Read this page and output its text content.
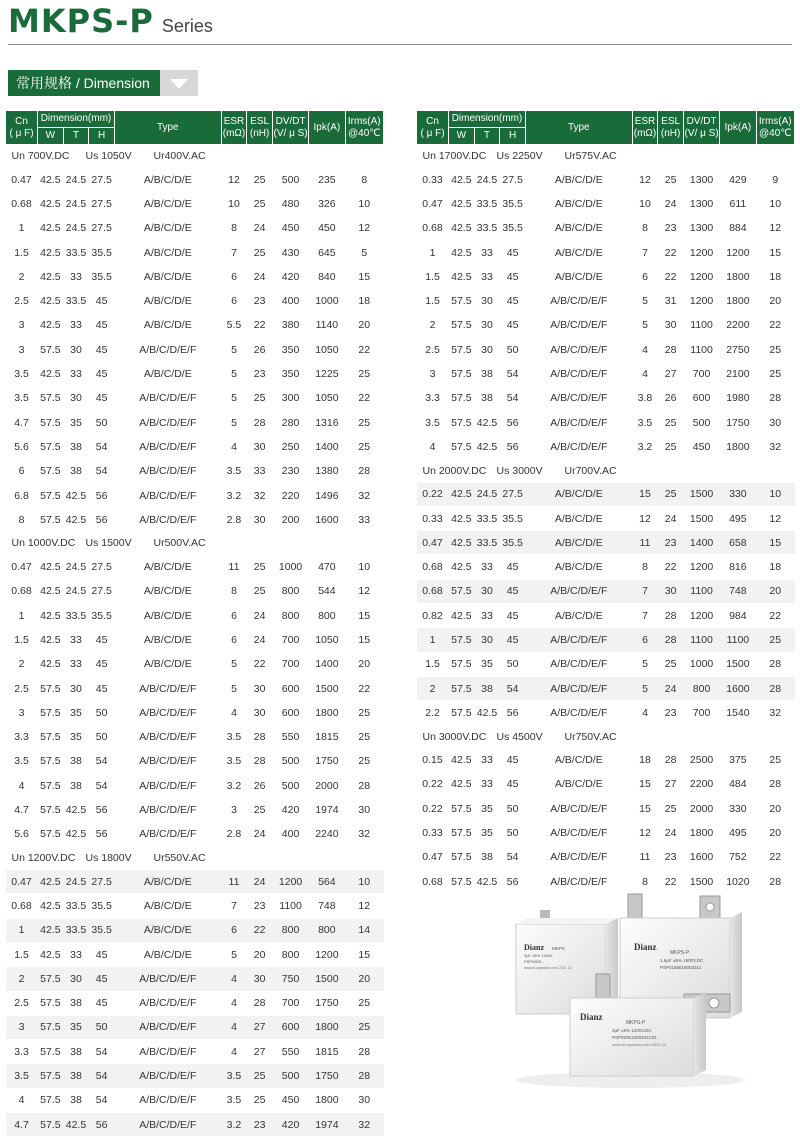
MKPS-P Series
常用规格 / Dimension
Cn
( μ F)	Dimension(mm)			Type	ESR
(mΩ)	ESL
(nH)	DV/DT
(V/ μ S)	Ipk(A)	Irms(A)
@40℃
	W	T	H						
Un 700V.DC Us 1050V Ur400V.AC									
0.47	42.5	24.5	27.5	A/B/C/D/E	12	25	500	235	8
0.68	42.5	24.5	27.5	A/B/C/D/E	10	25	480	326	10
1	42.5	24.5	27.5	A/B/C/D/E	8	24	450	450	12
1.5	42.5	33.5	35.5	A/B/C/D/E	7	25	430	645	5
2	42.5	33	35.5	A/B/C/D/E	6	24	420	840	15
2.5	42.5	33.5	45	A/B/C/D/E	6	23	400	1000	18
3	42.5	33	45	A/B/C/D/E	5.5	22	380	1140	20
3	57.5	30	45	A/B/C/D/E/F	5	26	350	1050	22
3.5	42.5	33	45	A/B/C/D/E	5	23	350	1225	25
3.5	57.5	30	45	A/B/C/D/E/F	5	25	300	1050	22
4.7	57.5	35	50	A/B/C/D/E/F	5	28	280	1316	25
5.6	57.5	38	54	A/B/C/D/E/F	4	30	250	1400	25
6	57.5	38	54	A/B/C/D/E/F	3.5	33	230	1380	28
6.8	57.5	42.5	56	A/B/C/D/E/F	3.2	32	220	1496	32
8	57.5	42.5	56	A/B/C/D/E/F	2.8	30	200	1600	33
Un 1000V.DC Us 1500V Ur500V.AC									
0.47	42.5	24.5	27.5	A/B/C/D/E	11	25	1000	470	10
0.68	42.5	24.5	27.5	A/B/C/D/E	8	25	800	544	12
1	42.5	33.5	35.5	A/B/C/D/E	6	24	800	800	15
1.5	42.5	33	45	A/B/C/D/E	6	24	700	1050	15
2	42.5	33	45	A/B/C/D/E	5	22	700	1400	20
2.5	57.5	30	45	A/B/C/D/E/F	5	30	600	1500	22
3	57.5	35	50	A/B/C/D/E/F	4	30	600	1800	25
3.3	57.5	35	50	A/B/C/D/E/F	3.5	28	550	1815	25
3.5	57.5	38	54	A/B/C/D/E/F	3.5	28	500	1750	25
4	57.5	38	54	A/B/C/D/E/F	3.2	26	500	2000	28
4.7	57.5	42.5	56	A/B/C/D/E/F	3	25	420	1974	30
5.6	57.5	42.5	56	A/B/C/D/E/F	2.8	24	400	2240	32
Un 1200V.DC Us 1800V Ur550V.AC									
0.47	42.5	24.5	27.5	A/B/C/D/E	11	24	1200	564	10
0.68	42.5	33.5	35.5	A/B/C/D/E	7	23	1100	748	12
1	42.5	33.5	35.5	A/B/C/D/E	6	22	800	800	14
1.5	42.5	33	45	A/B/C/D/E	5	20	800	1200	15
2	57.5	30	45	A/B/C/D/E/F	4	30	750	1500	20
2.5	57.5	38	45	A/B/C/D/E/F	4	28	700	1750	25
3	57.5	35	50	A/B/C/D/E/F	4	27	600	1800	25
3.3	57.5	38	54	A/B/C/D/E/F	4	27	550	1815	28
3.5	57.5	38	54	A/B/C/D/E/F	3.5	25	500	1750	28
4	57.5	38	54	A/B/C/D/E/F	3.5	25	450	1800	30
4.7	57.5	42.5	56	A/B/C/D/E/F	3.2	23	420	1974	32
Cn
( μ F)	Dimension(mm)			Type	ESR
(mΩ)	ESL
(nH)	DV/DT
(V/ μ S)	Ipk(A)	Irms(A)
@40℃
	W	T	H						
Un 1700V.DC Us 2250V Ur575V.AC									
0.33	42.5	24.5	27.5	A/B/C/D/E	12	25	1300	429	9
0.47	42.5	33.5	35.5	A/B/C/D/E	10	24	1300	611	10
0.68	42.5	33.5	35.5	A/B/C/D/E	8	23	1300	884	12
1	42.5	33	45	A/B/C/D/E	7	22	1200	1200	15
1.5	42.5	33	45	A/B/C/D/E	6	22	1200	1800	18
1.5	57.5	30	45	A/B/C/D/E/F	5	31	1200	1800	20
2	57.5	30	45	A/B/C/D/E/F	5	30	1100	2200	22
2.5	57.5	30	50	A/B/C/D/E/F	4	28	1100	2750	25
3	57.5	38	54	A/B/C/D/E/F	4	27	700	2100	25
3.3	57.5	38	54	A/B/C/D/E/F	3.8	26	600	1980	28
3.5	57.5	42.5	56	A/B/C/D/E/F	3.5	25	500	1750	30
4	57.5	42.5	56	A/B/C/D/E/F	3.2	25	450	1800	32
Un 2000V.DC Us 3000V Ur700V.AC									
0.22	42.5	24.5	27.5	A/B/C/D/E	15	25	1500	330	10
0.33	42.5	33.5	35.5	A/B/C/D/E	12	24	1500	495	12
0.47	42.5	33.5	35.5	A/B/C/D/E	11	23	1400	658	15
0.68	42.5	33	45	A/B/C/D/E	8	22	1200	816	18
0.68	57.5	30	45	A/B/C/D/E/F	7	30	1100	748	20
0.82	42.5	33	45	A/B/C/D/E	7	28	1200	984	22
1	57.5	30	45	A/B/C/D/E/F	6	28	1100	1100	25
1.5	57.5	35	50	A/B/C/D/E/F	5	25	1000	1500	28
2	57.5	38	54	A/B/C/D/E/F	5	24	800	1600	28
2.2	57.5	42.5	56	A/B/C/D/E/F	4	23	700	1540	32
Un 3000V.DC Us 4500V Ur750V.AC									
0.15	42.5	33	45	A/B/C/D/E	18	28	2500	375	25
0.22	42.5	33	45	A/B/C/D/E	15	27	2200	484	28
0.22	57.5	35	50	A/B/C/D/E/F	15	25	2000	330	20
0.33	57.5	35	50	A/B/C/D/E/F	12	24	1800	495	20
0.47	57.5	38	54	A/B/C/D/E/F	11	23	1600	752	22
0.68	57.5	42.5	56	A/B/C/D/E/F	8	22	1500	1020	28
Dianz MKPS
3μF ±5% 1100V
PSP0305...
www.dl-capacitor.com 2021.12
Dianz
MKPS-P
1.5μF ±5% 1600V.DC
PSP0155016003311
Dianz
MKPS-P
2μF ±5% 1200V.DC
PSP02051200331C01
www.dl-capacitor.com 2021.12
